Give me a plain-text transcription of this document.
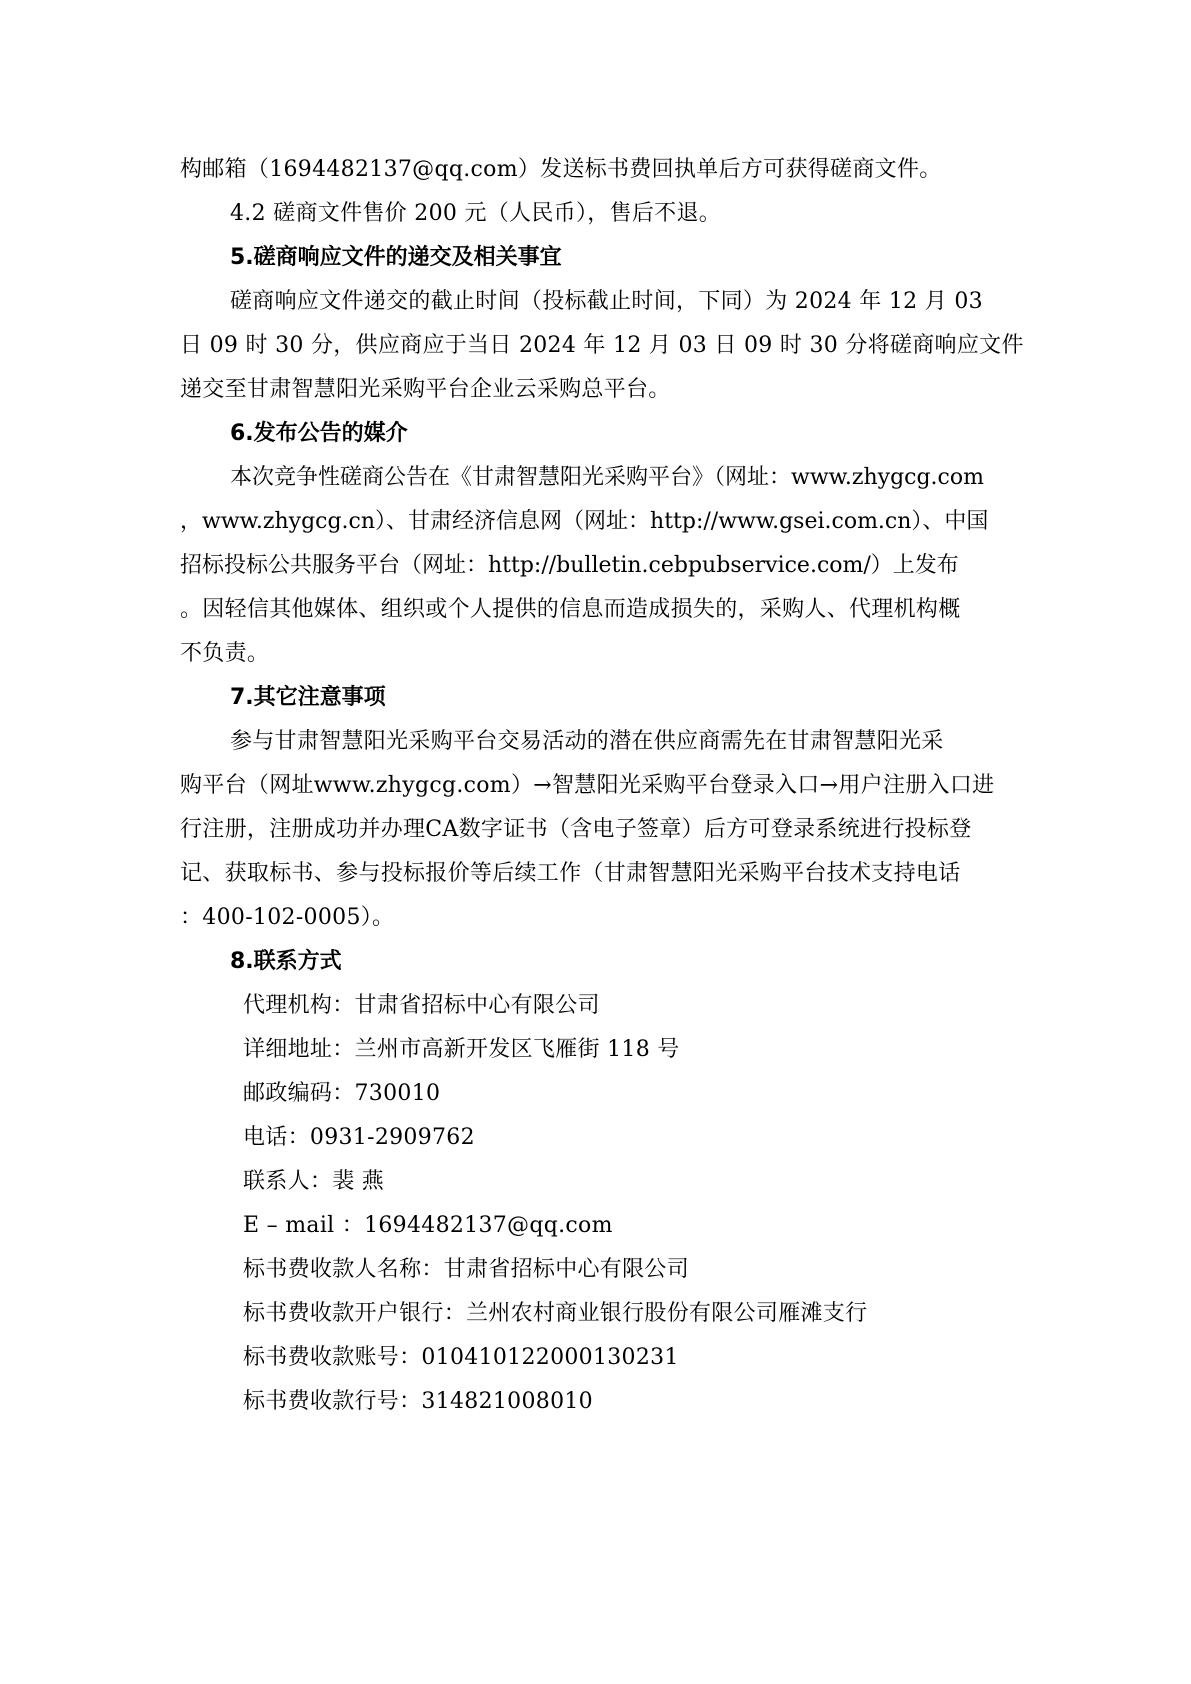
构邮箱（1694482137@qq.com）发送标书费回执单后方可获得磋商文件。
4.2 磋商文件售价 200 元（人民币），售后不退。
5.磋商响应文件的递交及相关事宜
磋商响应文件递交的截止时间（投标截止时间，下同）为 2024 年 12 月 03
日 09 时 30 分，供应商应于当日 2024 年 12 月 03 日 09 时 30 分将磋商响应文件
递交至甘肃智慧阳光采购平台企业云采购总平台。
6.发布公告的媒介
本次竞争性磋商公告在《甘肃智慧阳光采购平台》（网址：www.zhygcg.com
，www.zhygcg.cn）、甘肃经济信息网（网址：http://www.gsei.com.cn）、中国
招标投标公共服务平台（网址：http://bulletin.cebpubservice.com/）上发布
。因轻信其他媒体、组织或个人提供的信息而造成损失的，采购人、代理机构概
不负责。
7.其它注意事项
参与甘肃智慧阳光采购平台交易活动的潜在供应商需先在甘肃智慧阳光采
购平台（网址www.zhygcg.com）→智慧阳光采购平台登录入口→用户注册入口进
行注册，注册成功并办理CA数字证书（含电子签章）后方可登录系统进行投标登
记、获取标书、参与投标报价等后续工作（甘肃智慧阳光采购平台技术支持电话
：400-102-0005）。
8.联系方式
代理机构：甘肃省招标中心有限公司
详细地址：兰州市高新开发区飞雁街 118 号
邮政编码：730010
电话：0931-2909762
联系人：裴 燕
E – mail ：1694482137@qq.com
标书费收款人名称：甘肃省招标中心有限公司
标书费收款开户银行：兰州农村商业银行股份有限公司雁滩支行
标书费收款账号：010410122000130231
标书费收款行号：314821008010
